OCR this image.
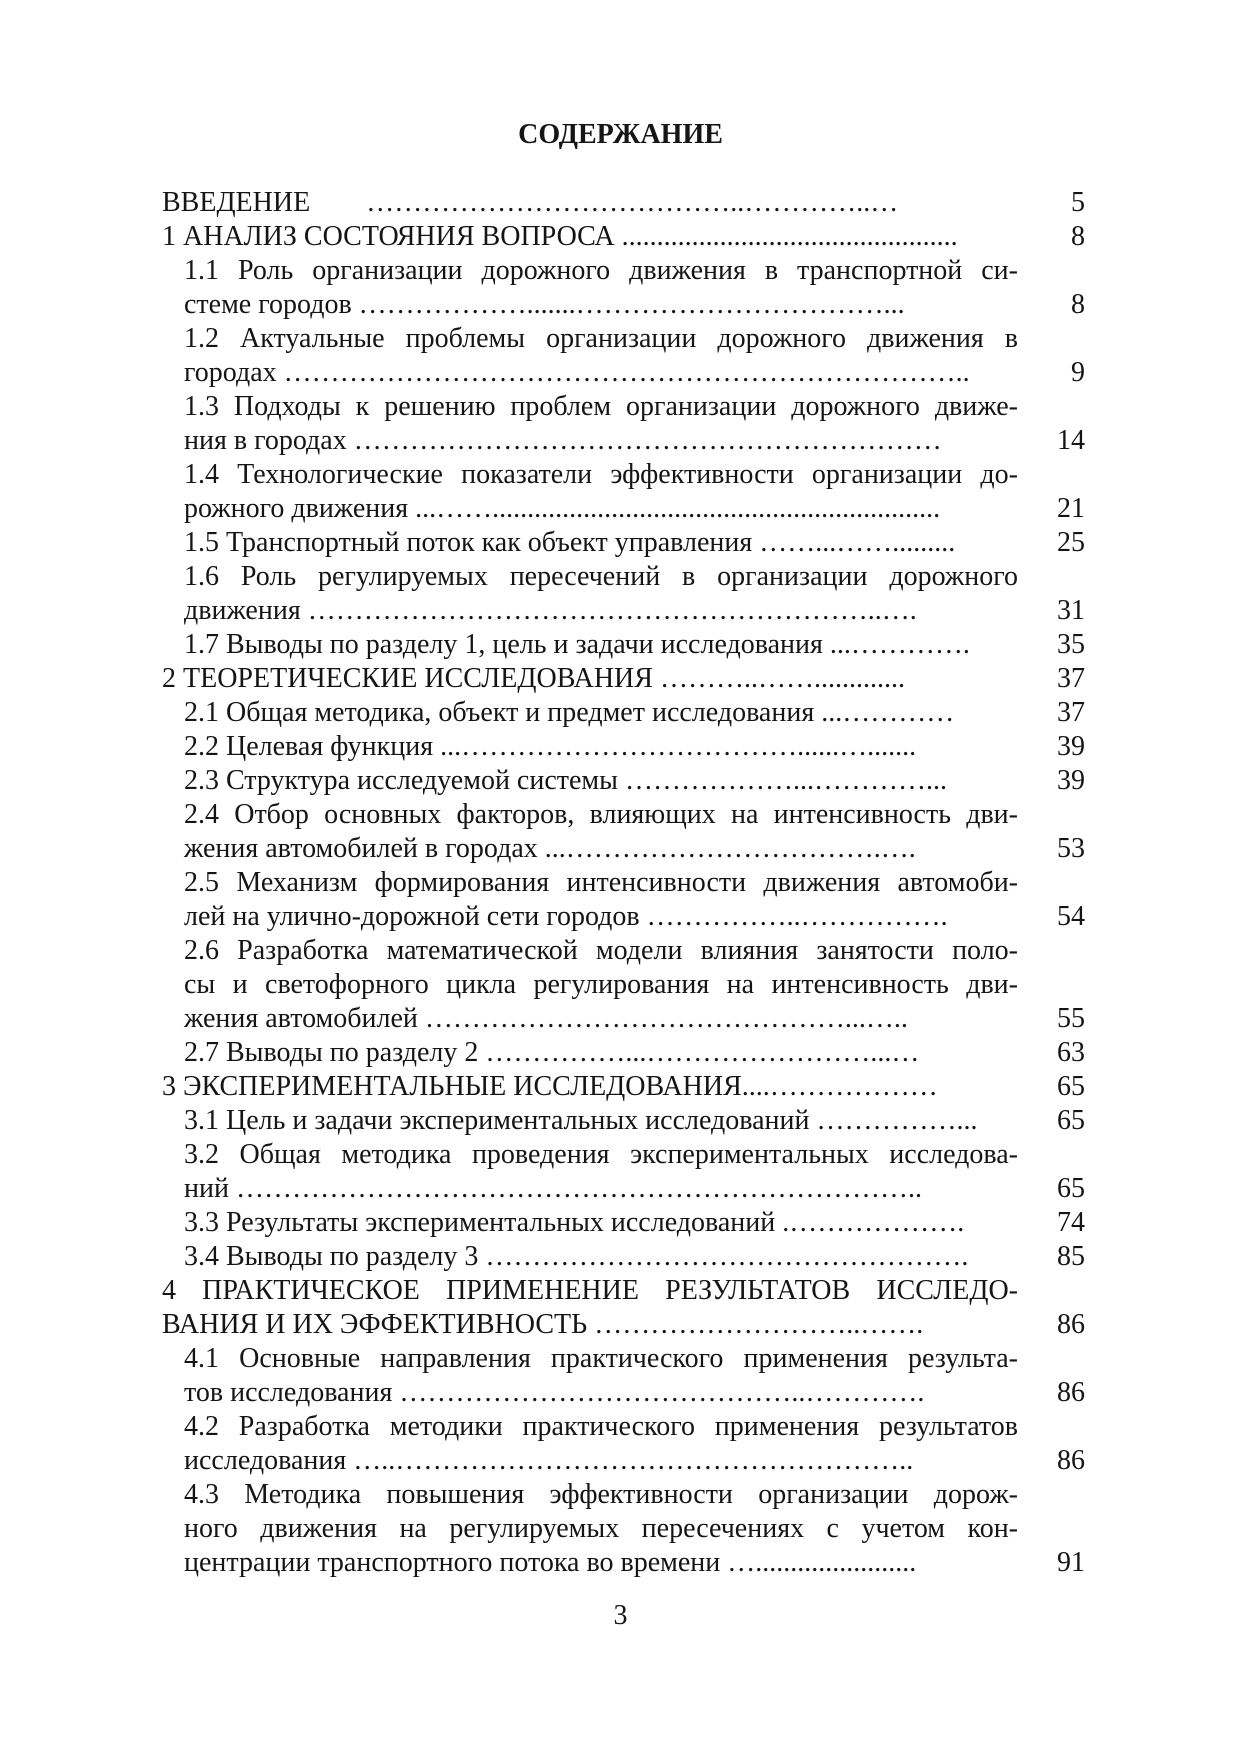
СОДЕРЖАНИЕ
ВВЕДЕНИЕ        …………………………………..…………..…	5
1 АНАЛИЗ СОСТОЯНИЯ ВОПРОСА ................................................	8
1.1 Роль организации дорожного движения в транспортной си-
стеме городов ……………….......……………………………...	8
1.2 Актуальные проблемы организации дорожного движения в
городах ………………………………………………………………..	9
1.3 Подходы к решению проблем организации дорожного движе-
ния в городах ………………………………………………………	14
1.4 Технологические показатели эффективности организации до-
рожного движения ...……................................................................	21
1.5 Транспортный поток как объект управления ……...…….........	25
1.6 Роль регулируемых пересечений в организации дорожного
движения ……………………………………………………..….	31
1.7 Выводы по разделу 1, цель и задачи исследования ...………….	35
2 ТЕОРЕТИЧЕСКИЕ ИССЛЕДОВАНИЯ ………..…….............	37
2.1 Общая методика, объект и предмет исследования ...…………	37
2.2 Целевая функция ...………………………………......….......	39
2.3 Структура исследуемой системы ………………...…………...	39
2.4 Отбор основных факторов, влияющих на интенсивность дви-
жения автомобилей в городах ...…………………………….….	53
2.5 Механизм формирования интенсивности движения автомоби-
лей на улично-дорожной сети городов ……………..…………….	54
2.6 Разработка математической модели влияния занятости поло-
сы и светофорного цикла регулирования на интенсивность дви-
жения автомобилей ………………………………………...…..	55
2.7 Выводы по разделу 2 ……………...……………………...…	63
3 ЭКСПЕРИМЕНТАЛЬНЫЕ ИССЛЕДОВАНИЯ....………………	65
3.1 Цель и задачи экспериментальных исследований ……………...	65
3.2 Общая методика проведения экспериментальных исследова-
ний ………………………………………………………………..	65
3.3 Результаты экспериментальных исследований .……………….	74
3.4 Выводы по разделу 3 …………………………………………….	85
4 ПРАКТИЧЕСКОЕ ПРИМЕНЕНИЕ РЕЗУЛЬТАТОВ ИССЛЕДО-
ВАНИЯ И ИХ ЭФФЕКТИВНОСТЬ ………………………..…….	86
4.1 Основные направления практического применения результа-
тов исследования ……………………………………..………….	86
4.2 Разработка методики практического применения результатов
исследования …..………………………………………………..	86
4.3 Методика повышения эффективности организации дорож-
ного движения на регулируемых пересечениях с учетом кон-
центрации транспортного потока во времени ….......................	91
3
